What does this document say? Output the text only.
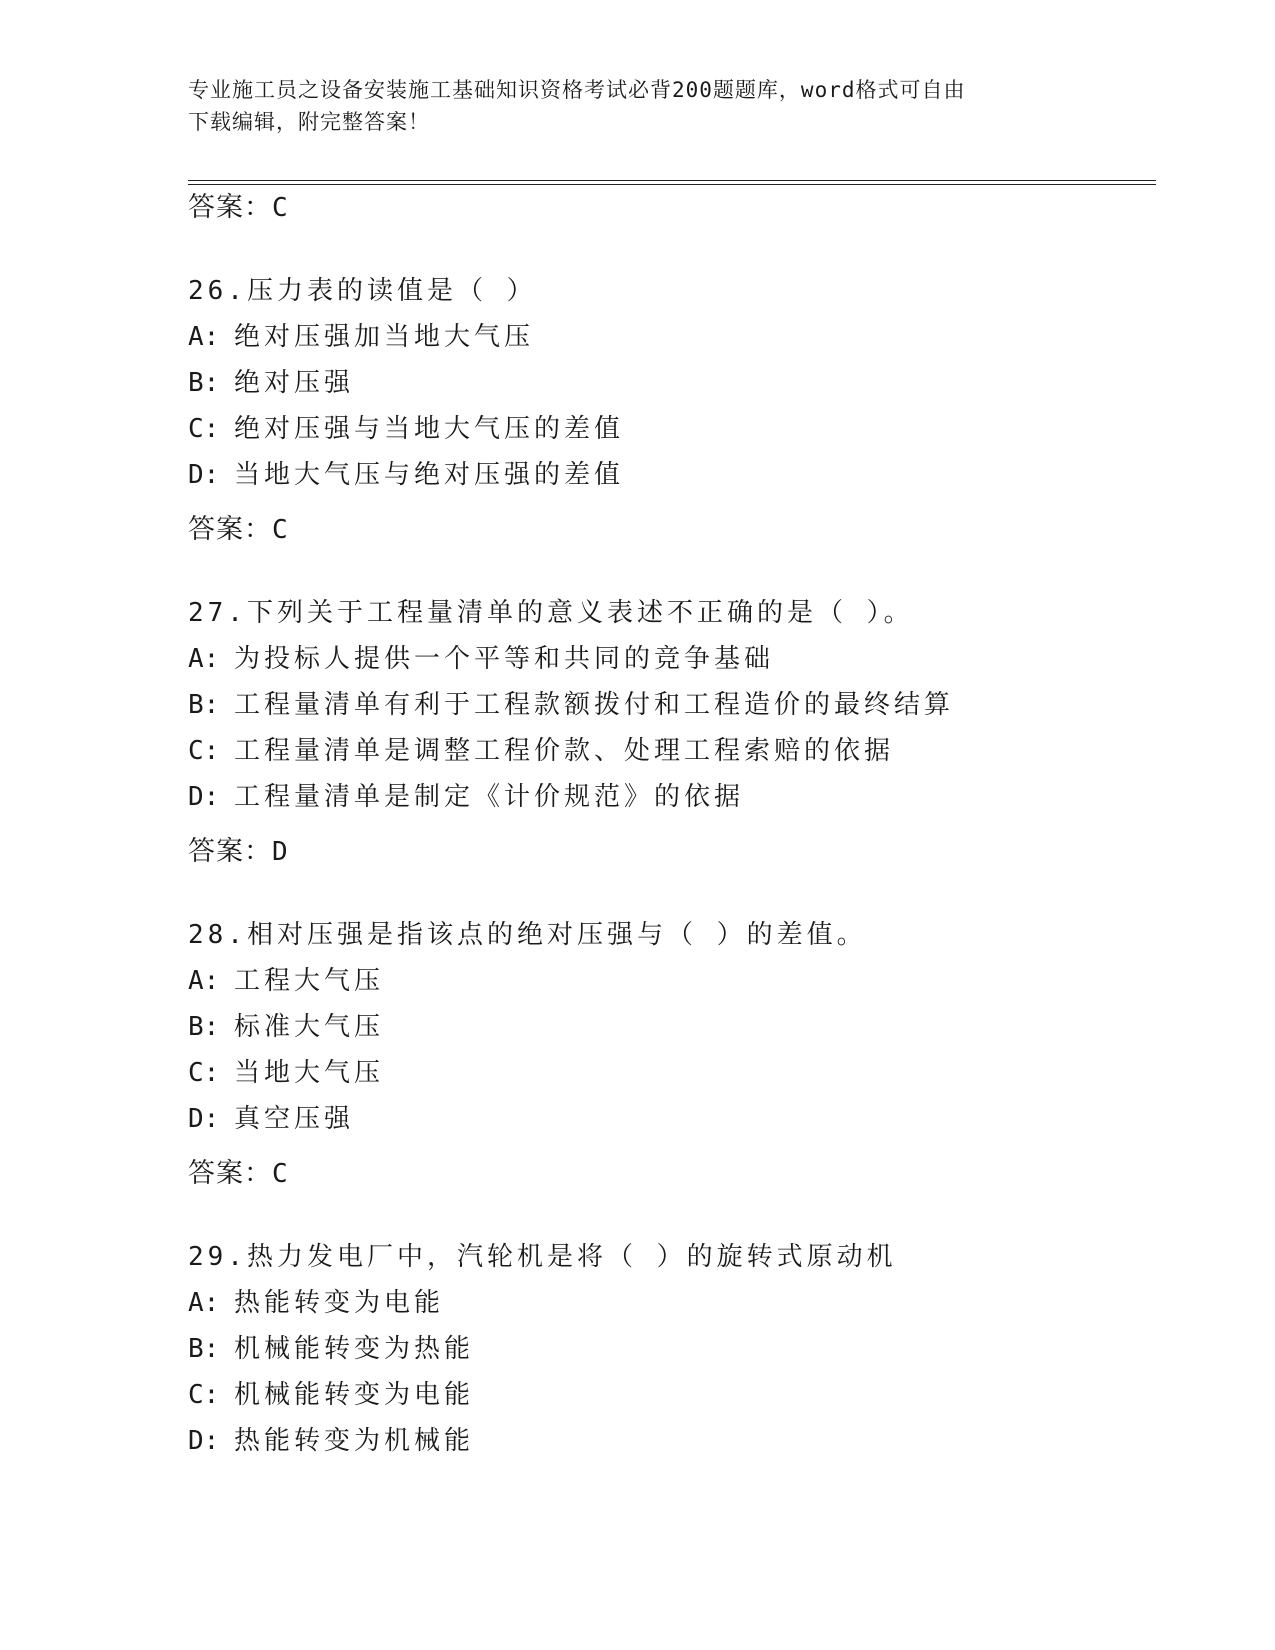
专业施工员之设备安装施工基础知识资格考试必背200题题库，word格式可自由
下载编辑，附完整答案！
答案：C
26.压力表的读值是（ ）
A: 绝对压强加当地大气压
B: 绝对压强
C: 绝对压强与当地大气压的差值
D: 当地大气压与绝对压强的差值
答案：C
27.下列关于工程量清单的意义表述不正确的是（ ）。
A: 为投标人提供一个平等和共同的竞争基础
B: 工程量清单有利于工程款额拨付和工程造价的最终结算
C: 工程量清单是调整工程价款、处理工程索赔的依据
D: 工程量清单是制定《计价规范》的依据
答案：D
28.相对压强是指该点的绝对压强与（ ）的差值。
A: 工程大气压
B: 标准大气压
C: 当地大气压
D: 真空压强
答案：C
29.热力发电厂中，汽轮机是将（ ）的旋转式原动机
A: 热能转变为电能
B: 机械能转变为热能
C: 机械能转变为电能
D: 热能转变为机械能
